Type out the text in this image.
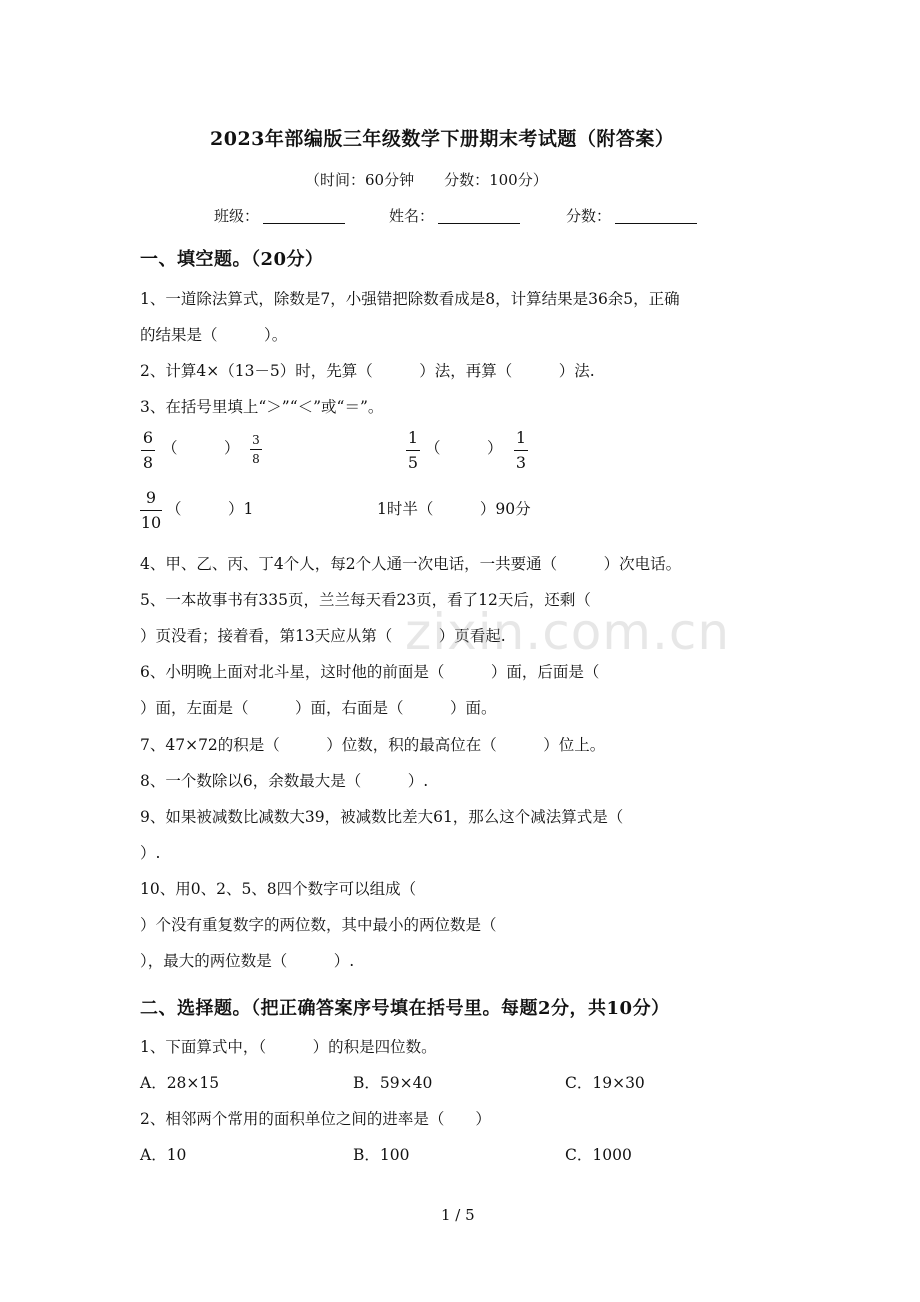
2023年部编版三年级数学下册期末考试题（附答案）
（时间：60分钟　　分数：100分）
班级：	姓名：	分数：
一、填空题。（20分）
1、一道除法算式，除数是7，小强错把除数看成是8，计算结果是36余5，正确
的结果是（　　　）。
2、计算4×（13－5）时，先算（　　　）法，再算（　　　）法.
3、在括号里填上“＞”“＜”或“＝”。
6
8
（　　　） 3
8
1
5
（　　　）
1
3
9
10
（　　　）1	1时半（　　　）90分
4、甲、乙、丙、丁4个人，每2个人通一次电话，一共要通（　　　）次电话。
5、一本故事书有335页，兰兰每天看23页，看了12天后，还剩（
）页没看；接着看，第13天应从第（　　　）页看起.
6、小明晚上面对北斗星，这时他的前面是（　　　）面，后面是（
）面，左面是（　　　）面，右面是（　　　）面。
7、47×72的积是（　　　）位数，积的最高位在（　　　）位上。
8、一个数除以6，余数最大是（　　　）.
9、如果被减数比减数大39，被减数比差大61，那么这个减法算式是（
）.
10、用0、2、5、8四个数字可以组成（
）个没有重复数字的两位数，其中最小的两位数是（
），最大的两位数是（　　　）.
二、选择题。（把正确答案序号填在括号里。每题2分，共10分）
1、下面算式中，（　　　）的积是四位数。
A．28×15	B．59×40	C．19×30
2、相邻两个常用的面积单位之间的进率是（　　）
A．10	B．100	C．1000
zixin.com.cn
1 / 5
